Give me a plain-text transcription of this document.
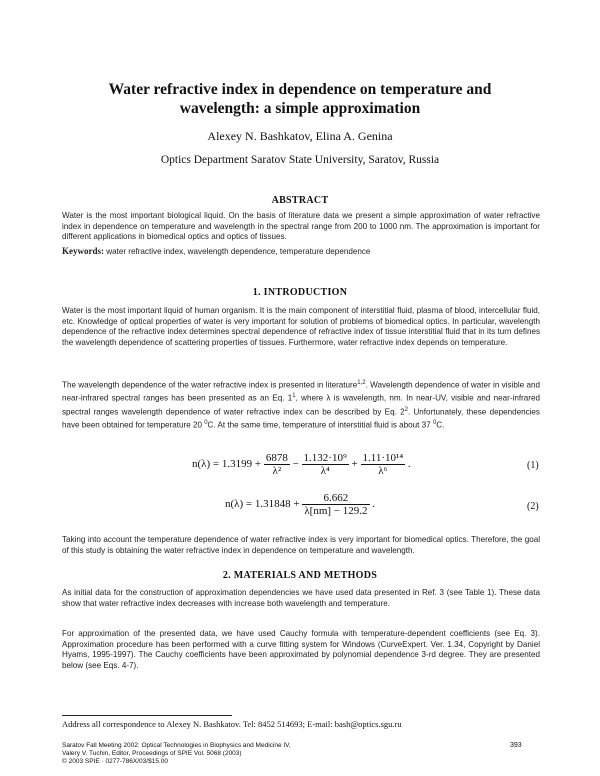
Water refractive index in dependence on temperature and
wavelength: a simple approximation
Alexey N. Bashkatov, Elina A. Genina
Optics Department Saratov State University, Saratov, Russia
ABSTRACT
Water is the most important biological liquid. On the basis of literature data we present a simple approximation of water refractive index in dependence on temperature and wavelength in the spectral range from 200 to 1000 nm. The approximation is important for different applications in biomedical optics and optics of tissues.
Keywords: water refractive index, wavelength dependence, temperature dependence
1. INTRODUCTION
Water is the most important liquid of human organism. It is the main component of interstitial fluid, plasma of blood, intercellular fluid, etc. Knowledge of optical properties of water is very important for solution of problems of biomedical optics. In particular, wavelength dependence of the refractive index determines spectral dependence of refractive index of tissue interstitial fluid that in its turn defines the wavelength dependence of scattering properties of tissues. Furthermore, water refractive index depends on temperature.
The wavelength dependence of the water refractive index is presented in literature$^{1,2}$. Wavelength dependence of water in visible and near-infrared spectral ranges has been presented as an Eq. $1^1$, where λ is wavelength, nm. In near-UV, visible and near-infrared spectral ranges wavelength dependence of water refractive index can be described by Eq. $2^2$. Unfortunately, these dependencies have been obtained for temperature 20 $^0$C. At the same time, temperature of interstitial fluid is about 37 $^0$C.
$n(\lambda) = 1.3199 + \frac{6878}{\text{λ²}} - \frac{\text{1.132·10⁹}}{\text{λ⁴}} + \frac{\text{1.11·10¹⁴}}{\text{λ⁶}}$ .	(1)
$n(\lambda) = 1.31848 + \frac{6.662}{\lambda[nm] - 129.2}$ .	(2)
Taking into account the temperature dependence of water refractive index is very important for biomedical optics. Therefore, the goal of this study is obtaining the water refractive index in dependence on temperature and wavelength.
2. MATERIALS AND METHODS
As initial data for the construction of approximation dependencies we have used data presented in Ref. 3 (see Table 1). These data show that water refractive index decreases with increase both wavelength and temperature.
For approximation of the presented data, we have used Cauchy formula with temperature-dependent coefficients (see Eq. 3). Approximation procedure has been performed with a curve fitting system for Windows (CurveExpert. Ver. 1.34, Copyright by Daniel Hyams, 1995-1997). The Cauchy coefficients have been approximated by polynomial dependence 3-rd degree. They are presented below (see Eqs. 4-7).
Address all correspondence to Alexey N. Bashkatov. Tel: 8452 514693; E-mail: bash@optics.sgu.ru
Saratov Fall Meeting 2002: Optical Technologies in Biophysics and Medicine IV,
Valery V. Tuchin, Editor, Proceedings of SPIE Vol. 5068 (2003)
© 2003 SPIE · 0277-786X/03/$15.00
393
